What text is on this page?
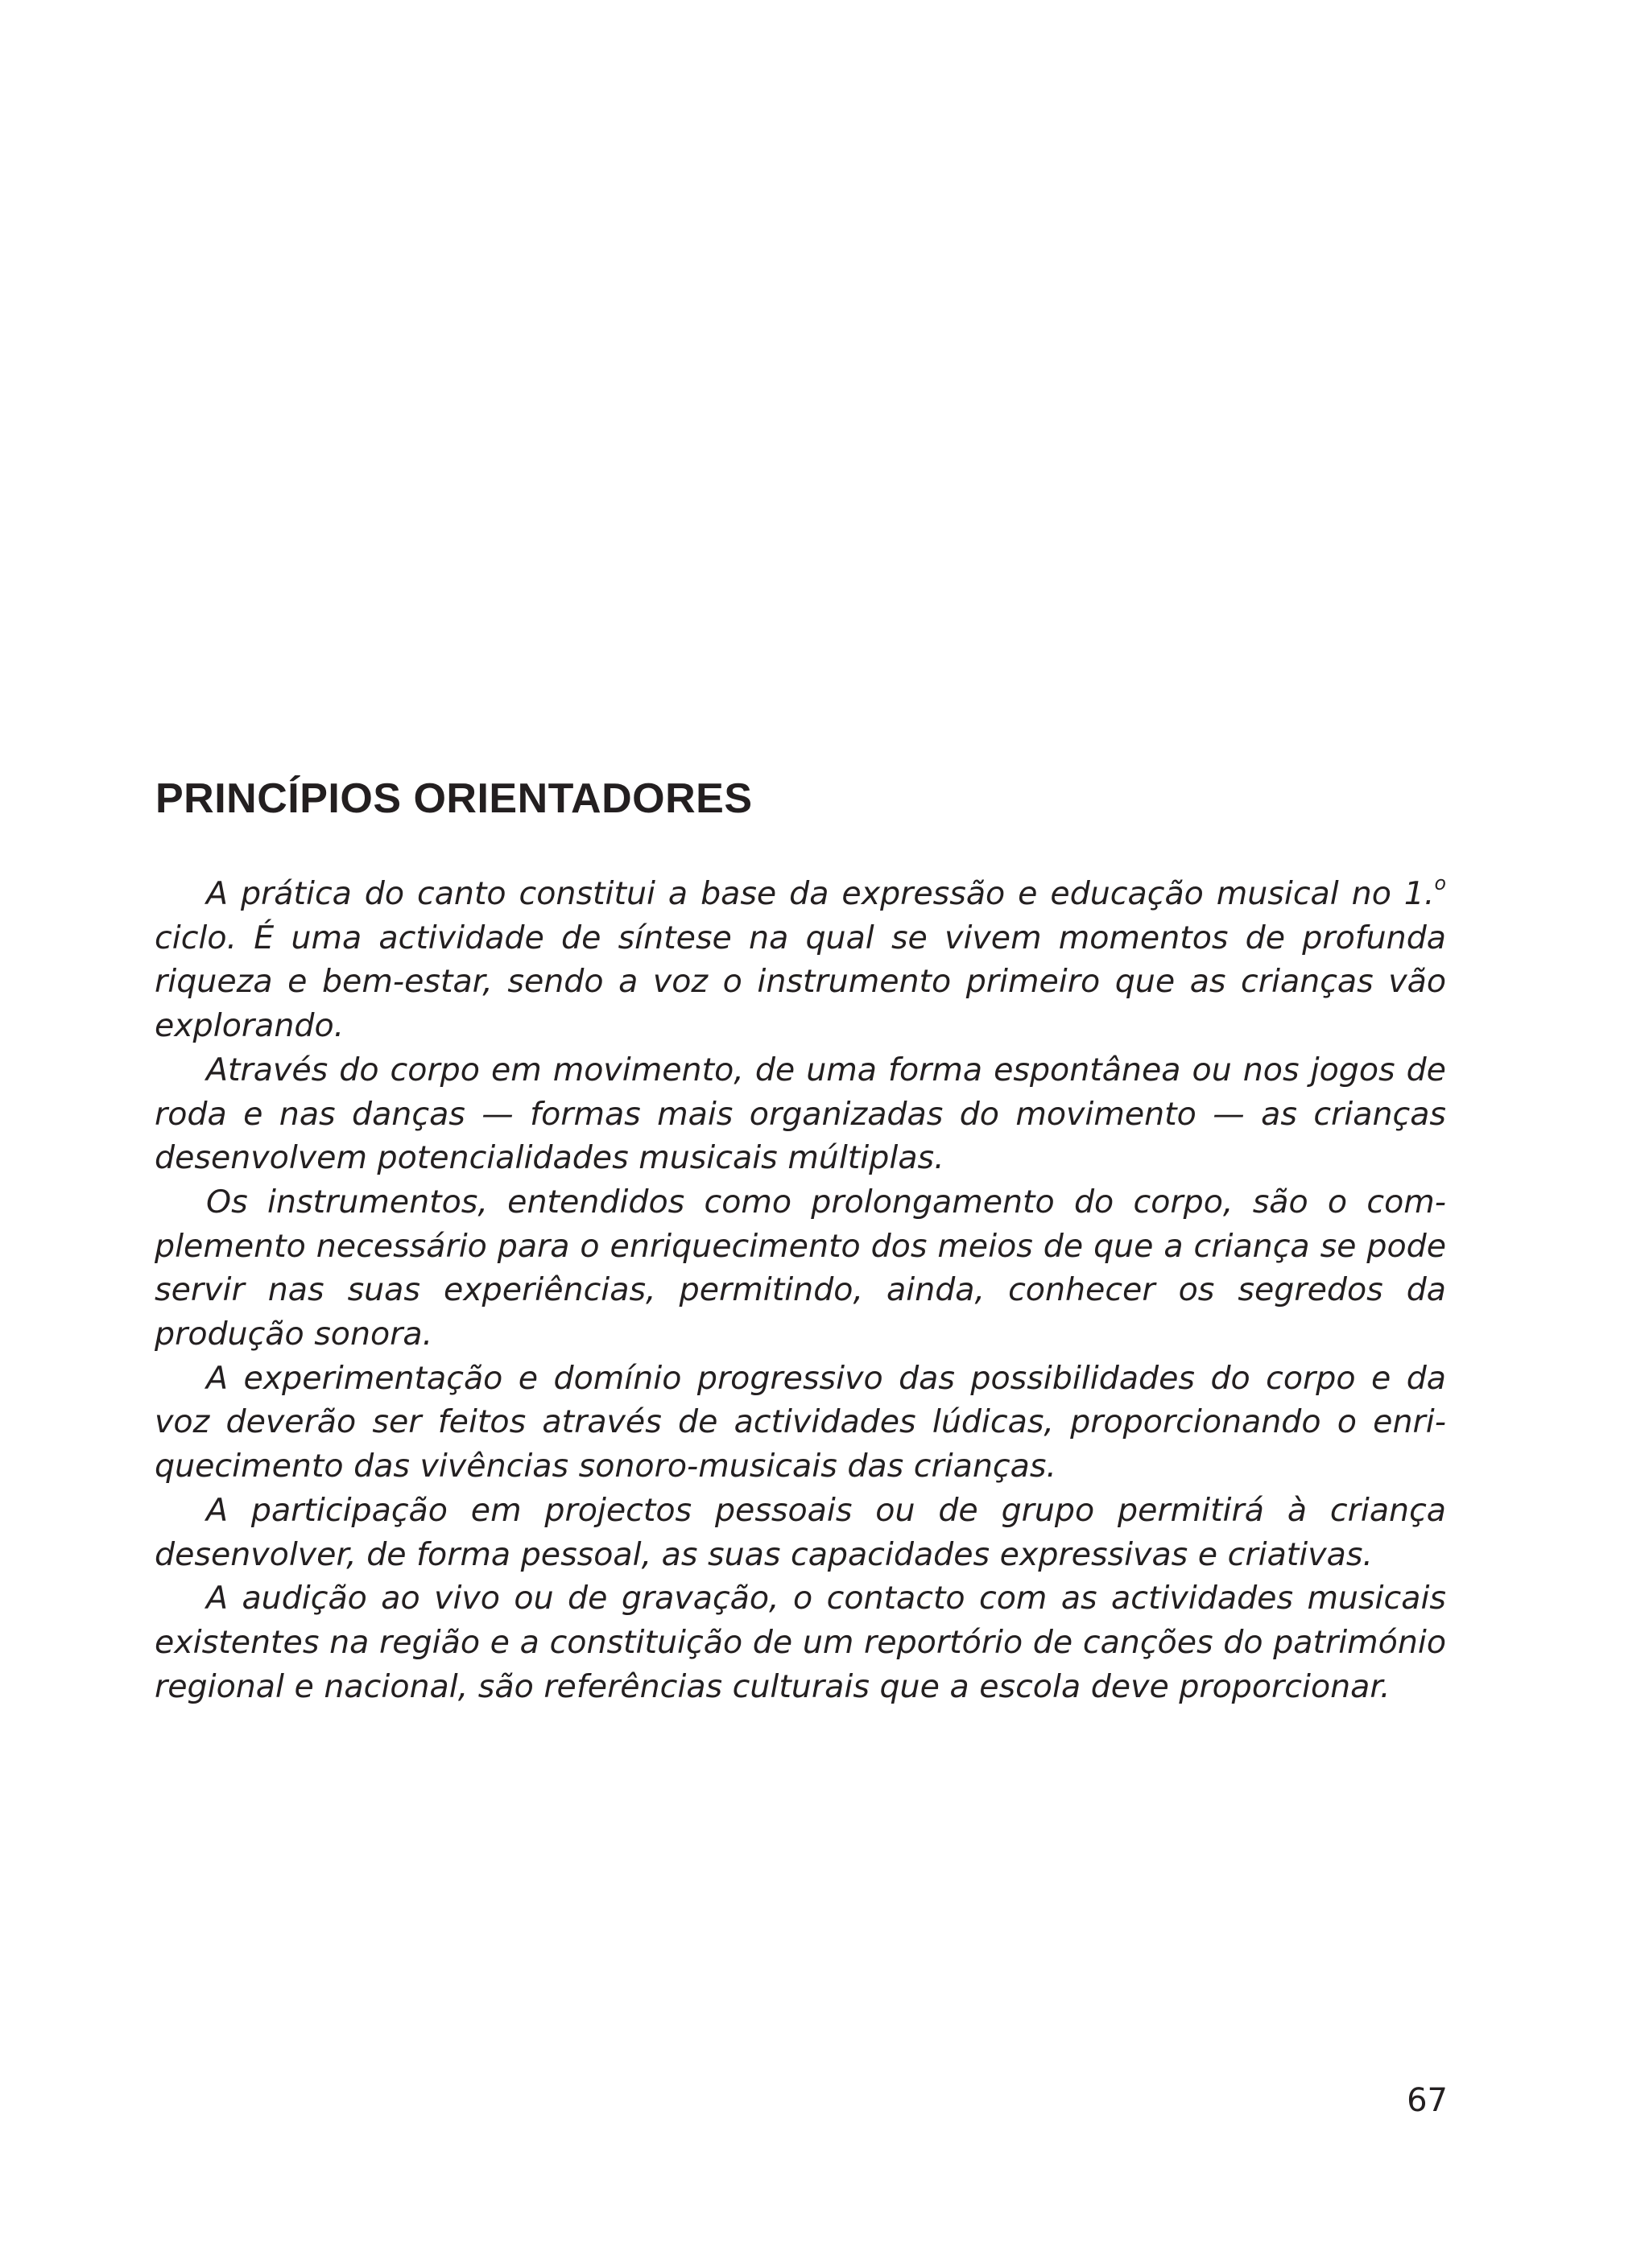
PRINCÍPIOS ORIENTADORES

A prática do canto constitui a base da expressão e educação musical no 1.$^o$ ciclo. É uma actividade de síntese na qual se vivem momentos de profunda riqueza e bem-estar, sendo a voz o instrumento primeiro que as crianças vão explorando.

Através do corpo em movimento, de uma forma espontânea ou nos jogos de roda e nas danças — formas mais organizadas do movimento — as crianças desenvolvem potencialidades musicais múltiplas.

Os instrumentos, entendidos como prolongamento do corpo, são o complemento necessário para o enriquecimento dos meios de que a criança se pode servir nas suas experiências, permitindo, ainda, conhecer os segredos da produção sonora.

A experimentação e domínio progressivo das possibilidades do corpo e da voz deverão ser feitos através de actividades lúdicas, proporcionando o enriquecimento das vivências sonoro-musicais das crianças.

A participação em projectos pessoais ou de grupo permitirá à criança desenvolver, de forma pessoal, as suas capacidades expressivas e criativas.

A audição ao vivo ou de gravação, o contacto com as actividades musicais existentes na região e a constituição de um reportório de canções do património regional e nacional, são referências culturais que a escola deve proporcionar.

67
